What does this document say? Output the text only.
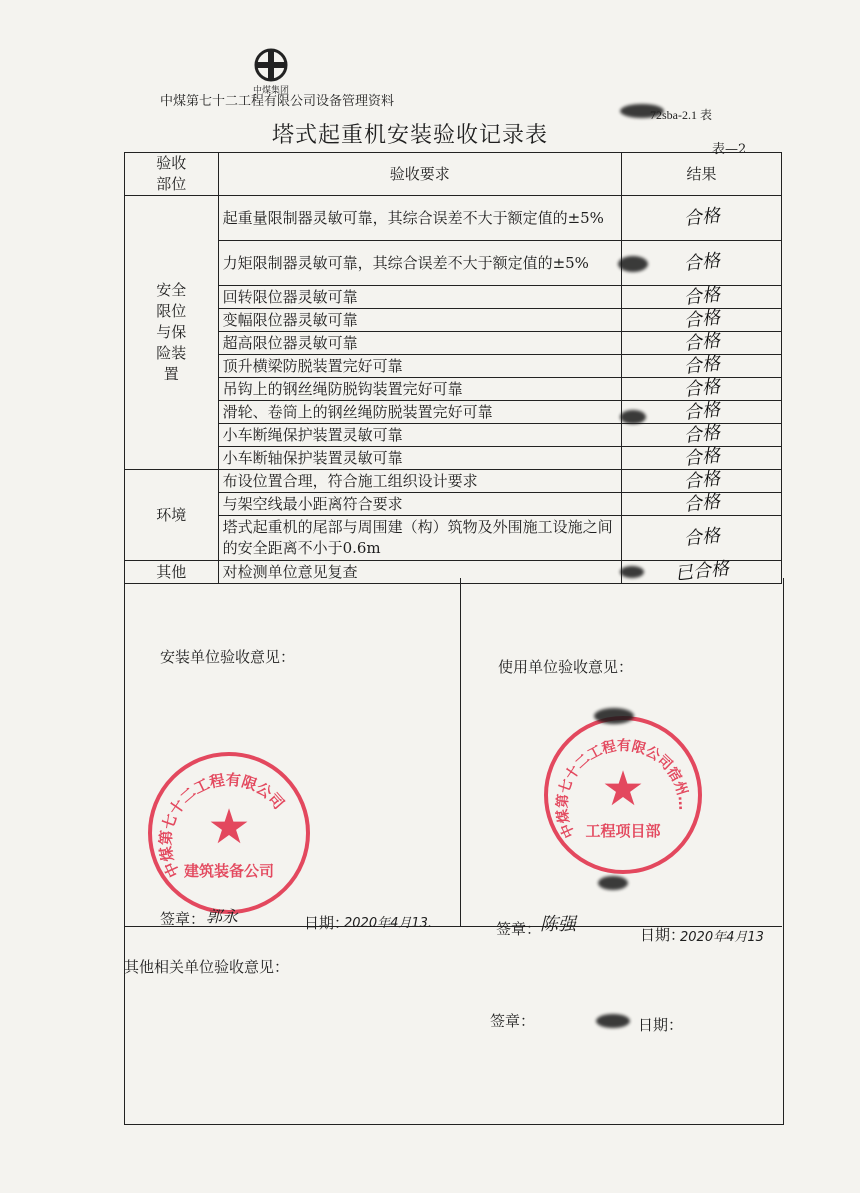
中煤集团
中煤第七十二工程有限公司设备管理资料
72sba-2.1 表
塔式起重机安装验收记录表
表—2
验收部位	验收要求	结果
安全限位与保险装置	起重量限制器灵敏可靠，其综合误差不大于额定值的±5%	合格
	力矩限制器灵敏可靠，其综合误差不大于额定值的±5%	合格
	回转限位器灵敏可靠	合格
	变幅限位器灵敏可靠	合格
	超高限位器灵敏可靠	合格
	顶升横梁防脱装置完好可靠	合格
	吊钩上的钢丝绳防脱钩装置完好可靠	合格
	滑轮、卷筒上的钢丝绳防脱装置完好可靠	合格
	小车断绳保护装置灵敏可靠	合格
	小车断轴保护装置灵敏可靠	合格
环境	布设位置合理，符合施工组织设计要求	合格
	与架空线最小距离符合要求	合格
	塔式起重机的尾部与周围建（构）筑物及外围施工设施之间的安全距离不小于0.6m	合格
其他	对检测单位意见复查	已合格
安装单位验收意见：
使用单位验收意见：
中煤第七十二工程有限公司
★
建筑装备公司
中煤第七十二工程有限公司宿州…
★
工程项目部
签章： 郭永	日期：
2020年4月13.	签章：
陈强	日期：
2020年4月13
其他相关单位验收意见：
签章：	日期：
